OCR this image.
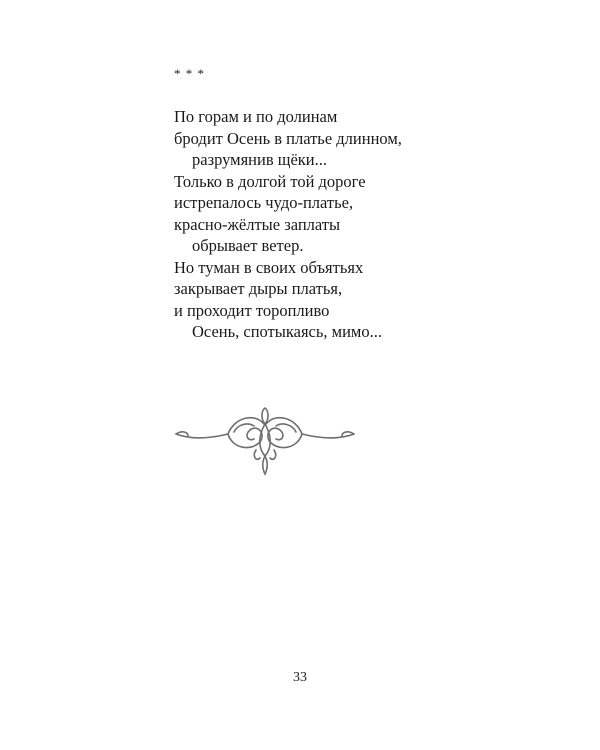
* * *
По горам и по долинам
бродит Осень в платье длинном,
разрумянив щёки...
Только в долгой той дороге
истрепалось чудо-платье,
красно-жёлтые заплаты
обрывает ветер.
Но туман в своих объятьях
закрывает дыры платья,
и проходит торопливо
Осень, спотыкаясь, мимо...
33
